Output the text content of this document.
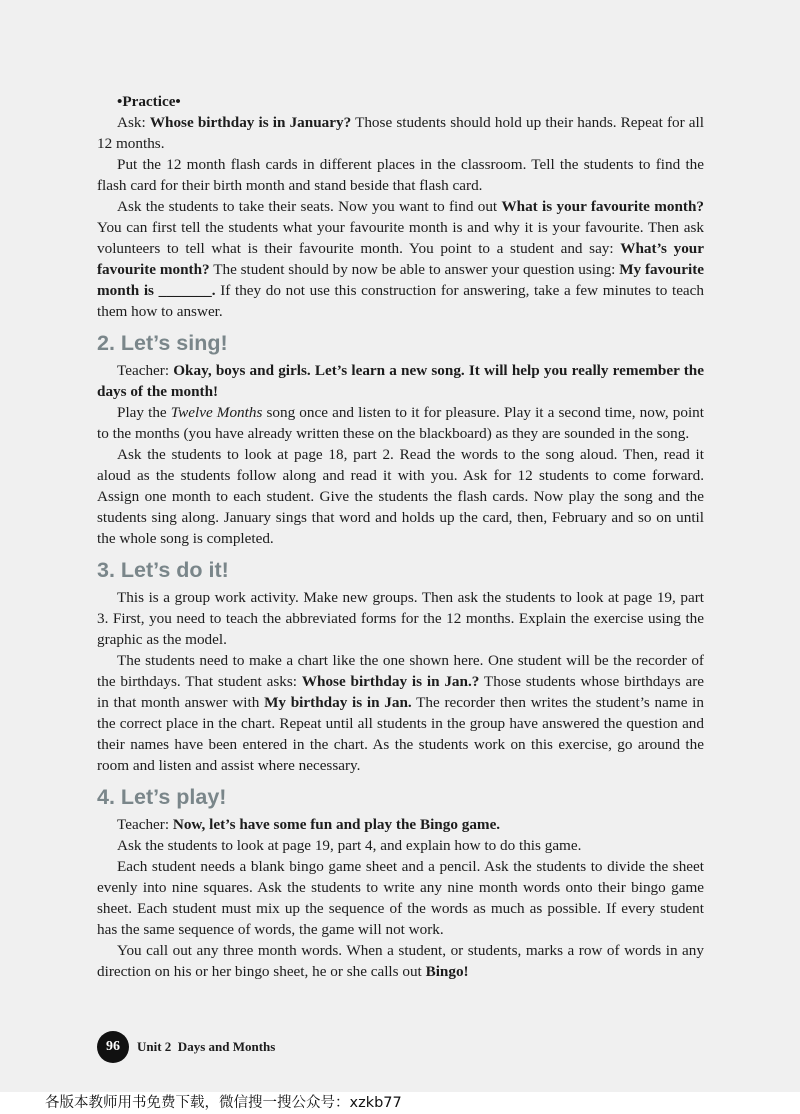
•Practice•

Ask: Whose birthday is in January? Those students should hold up their hands. Repeat for all 12 months.

Put the 12 month flash cards in different places in the classroom. Tell the students to find the flash card for their birth month and stand beside that flash card.

Ask the students to take their seats. Now you want to find out What is your favourite month? You can first tell the students what your favourite month is and why it is your favourite. Then ask volunteers to tell what is their favourite month. You point to a student and say: What’s your favourite month? The student should by now be able to answer your question using: My favourite month is _______. If they do not use this construction for answering, take a few minutes to teach them how to answer.

2. Let’s sing!

Teacher: Okay, boys and girls. Let’s learn a new song. It will help you really remember the days of the month!

Play the Twelve Months song once and listen to it for pleasure. Play it a second time, now, point to the months (you have already written these on the blackboard) as they are sounded in the song.

Ask the students to look at page 18, part 2. Read the words to the song aloud. Then, read it aloud as the students follow along and read it with you. Ask for 12 students to come forward. Assign one month to each student. Give the students the flash cards. Now play the song and the students sing along. January sings that word and holds up the card, then, February and so on until the whole song is completed.

3. Let’s do it!

This is a group work activity. Make new groups. Then ask the students to look at page 19, part 3. First, you need to teach the abbreviated forms for the 12 months. Explain the exercise using the graphic as the model.

The students need to make a chart like the one shown here. One student will be the recorder of the birthdays. That student asks: Whose birthday is in Jan.? Those students whose birthdays are in that month answer with My birthday is in Jan. The recorder then writes the student’s name in the correct place in the chart. Repeat until all students in the group have answered the question and their names have been entered in the chart. As the students work on this exercise, go around the room and listen and assist where necessary.

4. Let’s play!

Teacher: Now, let’s have some fun and play the Bingo game.

Ask the students to look at page 19, part 4, and explain how to do this game.

Each student needs a blank bingo game sheet and a pencil. Ask the students to divide the sheet evenly into nine squares. Ask the students to write any nine month words onto their bingo game sheet. Each student must mix up the sequence of the words as much as possible. If every student has the same sequence of words, the game will not work.

You call out any three month words. When a student, or students, marks a row of words in any direction on his or her bingo sheet, he or she calls out Bingo!

96	Unit 2  Days and Months
各版本教师用书免费下载，微信搜一搜公众号：xzkb77
